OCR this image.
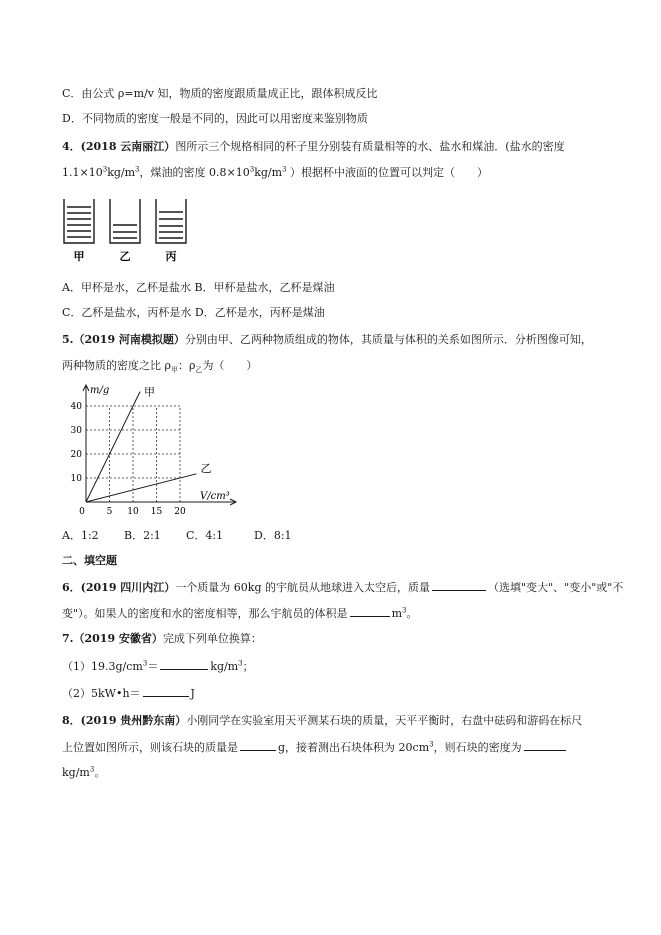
C．由公式 ρ=m/v 知，物质的密度跟质量成正比，跟体积成反比
D．不同物质的密度一般是不同的，因此可以用密度来鉴别物质
4．(2018 云南丽江）图所示三个规格相同的杯子里分别装有质量相等的水、盐水和煤油．(盐水的密度
$1.1\times 10^3kg/m^3$，煤油的密度 $0.8\times 10^3kg/m^3$ ）根据杯中液面的位置可以判定（　　）
甲	乙	丙
A．甲杯是水，乙杯是盐水 B．甲杯是盐水，乙杯是煤油
C．乙杯是盐水，丙杯是水 D．乙杯是水，丙杯是煤油
5.（2019 河南模拟题）分别由甲、乙两种物质组成的物体，其质量与体积的关系如图所示．分析图像可知，
两种物质的密度之比 $\rho_甲$：$\rho_乙$为（　　）
0 5 10 15 20
10
20
30
40
甲
乙
m/g
V/cm³
A．1:2 B．2:1 C．4:1	D．8:1
二、填空题
6．(2019 四川内江）一个质量为 60kg 的宇航员从地球进入太空后，质量	（选填"变大"、"变小"或"不
变"）。如果人的密度和水的密度相等，那么宇航员的体积是	$m^3$。
7.（2019 安徽省）完成下列单位换算：
$(1)19.3g/cm^3=$	$kg/m^3$；
（2）5kW•h＝	J
8．(2019 贵州黔东南）小刚同学在实验室用天平测某石块的质量，天平平衡时，右盘中砝码和游码在标尺
上位置如图所示，则该石块的质量是	g，接着测出石块体积为 $20cm^3$，则石块的密度为
$kg/m^3$。
